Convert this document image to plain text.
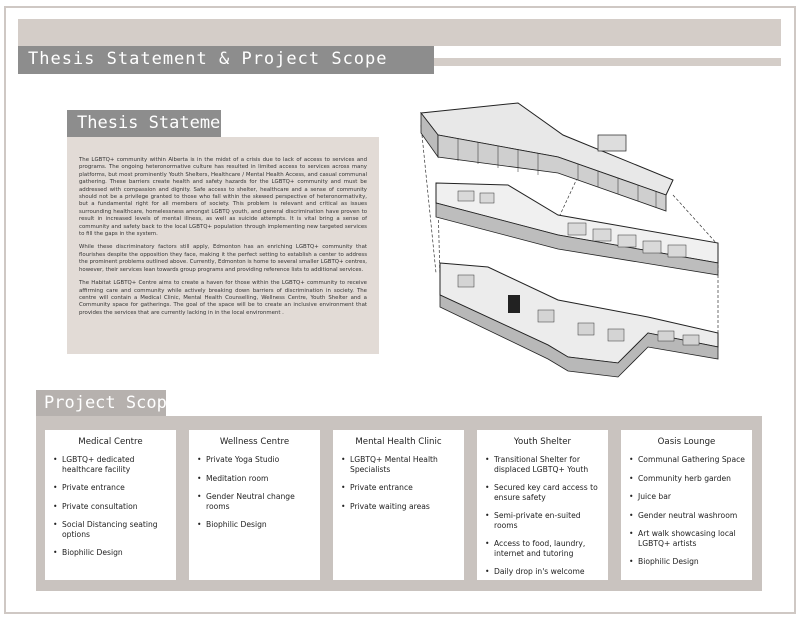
Thesis Statement & Project Scope

The LGBTQ+ community within Alberta is in the midst of a crisis due to lack of access to services and programs. The ongoing heteronormative culture has resulted in limited access to services across many platforms, but most prominently Youth Shelters, Healthcare / Mental Health Access, and casual communal gathering. These barriers create health and safety hazards for the LGBTQ+ community and must be addressed with compassion and dignity. Safe access to shelter, healthcare and a sense of community should not be a privilege granted to those who fall within the skewed perspective of heteronormativity, but a fundamental right for all members of society. This problem is relevant and critical as issues surrounding healthcare, homelessness amongst LGBTQ youth, and general discrimination have proven to result in increased levels of mental illness, as well as suicide attempts. It is vital bring a sense of community and safety back to the local LGBTQ+ population through implementing new targeted services to fill the gaps in the system.

While these discriminatory factors still apply, Edmonton has an enriching LGBTQ+ community that flourishes despite the opposition they face, making it the perfect setting to establish a center to address the prominent problems outlined above. Currently, Edmonton is home to several smaller LGBTQ+ centres, however, their services lean towards group programs and providing reference lists to additional services.

The Habitat LGBTQ+ Centre aims to create a haven for those within the LGBTQ+ community to receive affirming care and community while actively breaking down barriers of discrimination in society. The centre will contain a Medical Clinic, Mental Health Counselling, Wellness Centre, Youth Shelter and a Community space for gatherings. The goal of the space will be to create an inclusive environment that provides the services that are currently lacking in in the local environment .

Thesis Statement
Project Scope
Medical Centre
• LGBTQ+ dedicated healthcare facility
• Private entrance
• Private consultation
• Social Distancing seating options
• Biophilic Design
Wellness Centre
• Private Yoga Studio
• Meditation room
• Gender Neutral change rooms
• Biophilic Design
Mental Health Clinic
• LGBTQ+ Mental Health Specialists
• Private entrance
• Private waiting areas
Youth Shelter
• Transitional Shelter for displaced LGBTQ+ Youth
• Secured key card access to ensure safety
• Semi-private en-suited rooms
• Access to food, laundry, internet and tutoring
• Daily drop in's welcome
Oasis Lounge
• Communal Gathering Space
• Community herb garden
• Juice bar
• Gender neutral washroom
• Art walk showcasing local LGBTQ+ artists
• Biophilic Design
